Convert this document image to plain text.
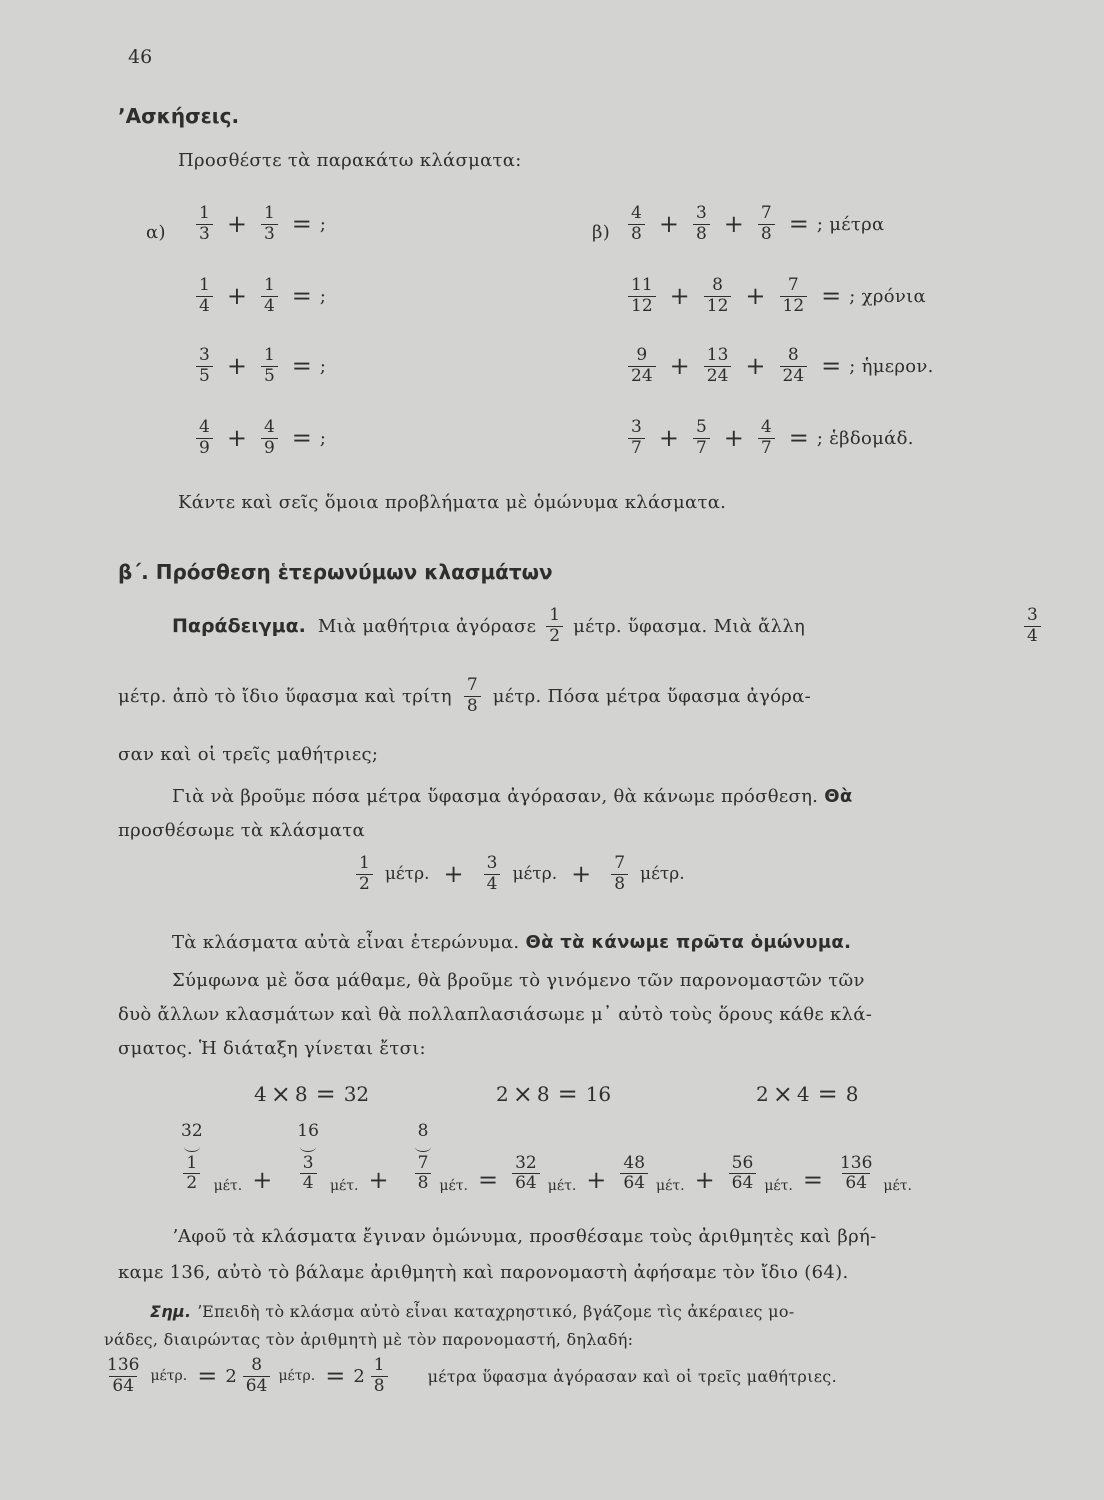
46
ʼΑσκήσεις.
Προσθέστε τὰ παρακάτω κλάσματα:
$\alpha) \frac{1}{3} + \frac{1}{3}$ = ;
$\frac{1}{4} + \frac{1}{4}$ = ;
$\frac{3}{5} + \frac{1}{5}$ = ;
$\frac{4}{9} + \frac{4}{9}$ = ;
$\beta) \frac{4}{8} + \frac{3}{8} + \frac{7}{8}$ = ; μέτρα
$\frac{11}{12} + \frac{8}{12} + \frac{7}{12}$ = ; χρόνια
$\frac{9}{24} + \frac{13}{24} + \frac{8}{24}$ = ; ἡμερον.
$\frac{3}{7} + \frac{5}{7} + \frac{4}{7}$ = ; ἑβδομάδ.
Κάντε καὶ σεῖς ὅμοια προβλήματα μὲ ὁμώνυμα κλάσματα.
β΄. Πρόσθεση ἑτερωνύμων κλασμάτων
Παράδειγμα. Μιὰ μαθήτρια ἀγόρασε $\frac{1}{2} \mu έ\tau\rho$. ὕφασμα. Μιὰ ἄλλη	$\frac{3}{4}$
μέτρ. ἀπὸ τὸ ἴδιο ὕφασμα καὶ τρίτη $\frac{7}{8} \mu έ\tau\rho$. Πόσα μέτρα ὕφασμα ἀγόρα-
σαν καὶ οἱ τρεῖς μαθήτριες;
Γιὰ νὰ βροῦμε πόσα μέτρα ὕφασμα ἀγόρασαν, θὰ κάνωμε πρόσθεση. Θὰ
προσθέσωμε τὰ κλάσματα
$\frac{1}{2} \mu έ\tau\rho$. + $\frac{3}{4} \mu έ\tau\rho$. + $\frac{7}{8} \mu έ\tau\rho$.
Τὰ κλάσματα αὐτὰ εἶναι ἑτερώνυμα. Θὰ τὰ κάνωμε πρῶτα ὁμώνυμα.
Σύμφωνα μὲ ὅσα μάθαμε, θὰ βροῦμε τὸ γινόμενο τῶν παρονομαστῶν τῶν
δυὸ ἄλλων κλασμάτων καὶ θὰ πολλαπλασιάσωμε μ᾿ αὐτὸ τοὺς ὅρους κάθε κλά-
σματος. Ἡ διάταξη γίνεται ἔτσι:
4 × 8 = 32	2 × 8 = 16	2 × 4 = 8
32
1
2 μέτ. +
16
3
4 μέτ. +
8
7
8 μέτ. = $\frac{32}{64} \mu έ\tau$. + $\frac{48}{64} \mu έ\tau$. + $\frac{56}{64} \mu έ\tau$. = $\frac{136}{64} \mu έ\tau$.
ʼΑφοῦ τὰ κλάσματα ἔγιναν ὁμώνυμα, προσθέσαμε τοὺς ἀριθμητὲς καὶ βρή-
καμε 136, αὐτὸ τὸ βάλαμε ἀριθμητὴ καὶ παρονομαστὴ ἀφήσαμε τὸν ἴδιο (64).
Σημ. ʼΕπειδὴ τὸ κλάσμα αὐτὸ εἶναι καταχρηστικό, βγάζομε τὶς ἀκέραιες μο-
νάδες, διαιρώντας τὸν ἀριθμητὴ μὲ τὸν παρονομαστή, δηλαδή:
$\frac{136}{64} \mu έ\tau\rho$. = $2 \frac{8}{64} \mu έ\tau\rho$. = $2 \frac{1}{8}$	μέτρα ὕφασμα ἀγόρασαν καὶ οἱ τρεῖς μαθήτριες.
